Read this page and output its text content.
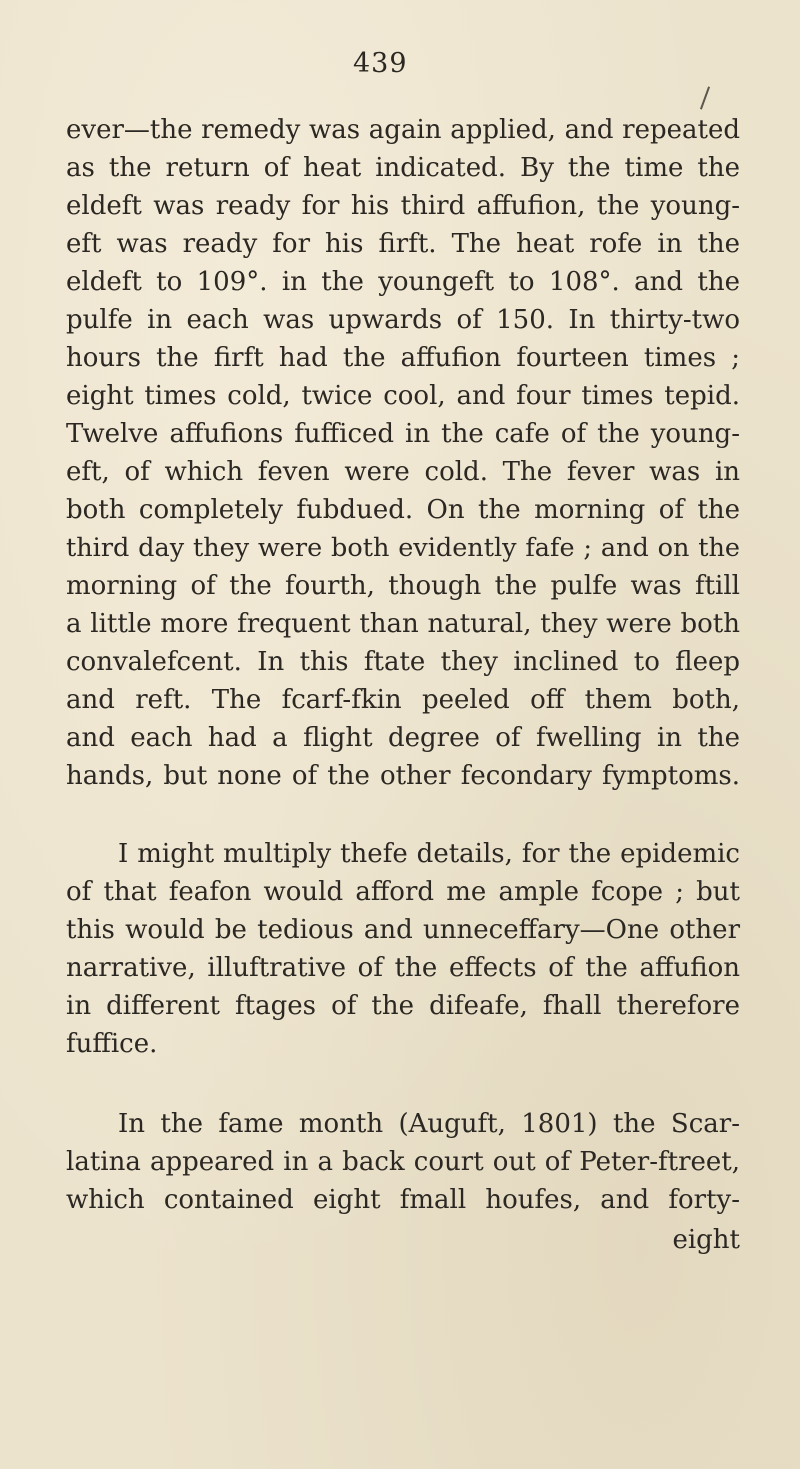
439
ever—the remedy was again applied, and repeated
as the return of heat indicated. By the time the
eldeft was ready for his third affufion, the young-
eft was ready for his firft. The heat rofe in the
eldeft to 109°. in the youngeft to 108°. and the
pulfe in each was upwards of 150. In thirty-two
hours the firft had the affufion fourteen times ;
eight times cold, twice cool, and four times tepid.
Twelve affufions fufficed in the cafe of the young-
eft, of which feven were cold. The fever was in
both completely fubdued. On the morning of the
third day they were both evidently fafe ; and on the
morning of the fourth, though the pulfe was ftill
a little more frequent than natural, they were both
convalefcent. In this ftate they inclined to fleep
and reft. The fcarf-fkin peeled off them both,
and each had a flight degree of fwelling in the
hands, but none of the other fecondary fymptoms.
I might multiply thefe details, for the epidemic
of that feafon would afford me ample fcope ; but
this would be tedious and unneceffary—One other
narrative, illuftrative of the effects of the affufion
in different ftages of the difeafe, fhall therefore
fuffice.
In the fame month (Auguft, 1801) the Scar-
latina appeared in a back court out of Peter-ftreet,
which contained eight fmall houfes, and forty-
eight
